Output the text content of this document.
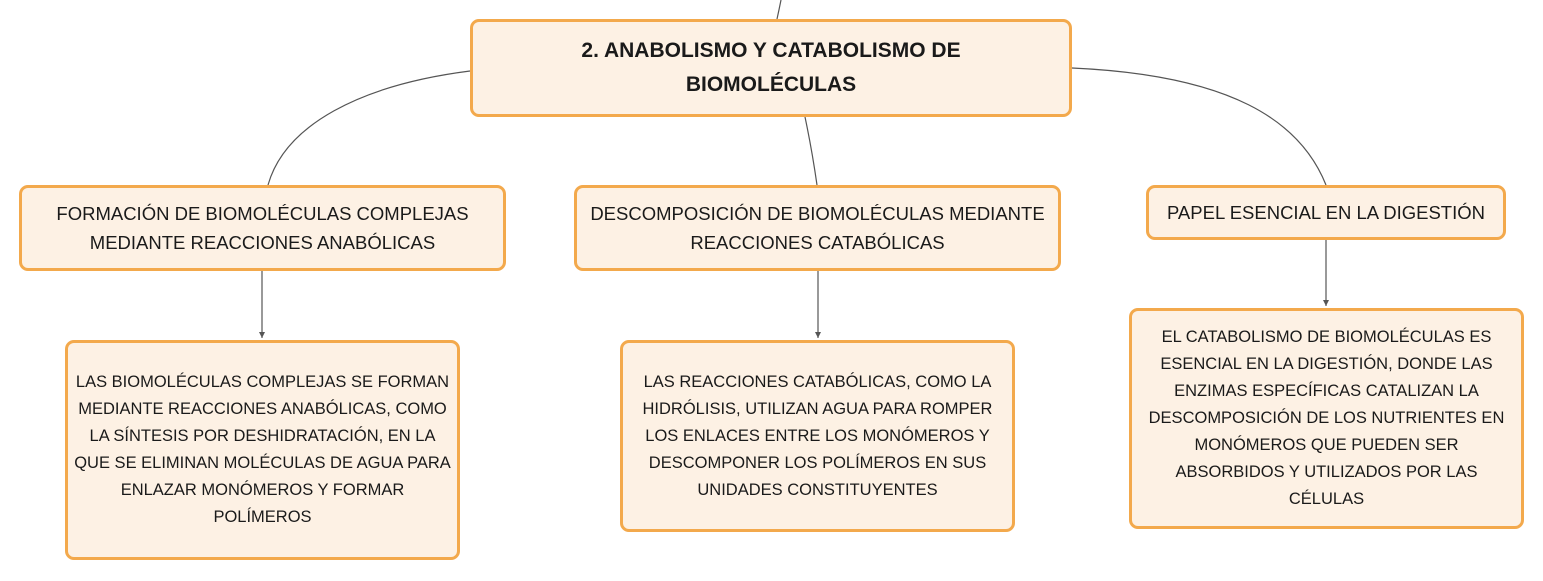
2. ANABOLISMO Y CATABOLISMO DE BIOMOLÉCULAS
FORMACIÓN DE BIOMOLÉCULAS COMPLEJAS MEDIANTE REACCIONES ANABÓLICAS
DESCOMPOSICIÓN DE BIOMOLÉCULAS MEDIANTE REACCIONES CATABÓLICAS
PAPEL ESENCIAL EN LA DIGESTIÓN
LAS BIOMOLÉCULAS COMPLEJAS SE FORMAN MEDIANTE REACCIONES ANABÓLICAS, COMO LA SÍNTESIS POR DESHIDRATACIÓN, EN LA QUE SE ELIMINAN MOLÉCULAS DE AGUA PARA ENLAZAR MONÓMEROS Y FORMAR POLÍMEROS
LAS REACCIONES CATABÓLICAS, COMO LA HIDRÓLISIS, UTILIZAN AGUA PARA ROMPER LOS ENLACES ENTRE LOS MONÓMEROS Y DESCOMPONER LOS POLÍMEROS EN SUS UNIDADES CONSTITUYENTES
EL CATABOLISMO DE BIOMOLÉCULAS ES ESENCIAL EN LA DIGESTIÓN, DONDE LAS ENZIMAS ESPECÍFICAS CATALIZAN LA DESCOMPOSICIÓN DE LOS NUTRIENTES EN MONÓMEROS QUE PUEDEN SER ABSORBIDOS Y UTILIZADOS POR LAS CÉLULAS
